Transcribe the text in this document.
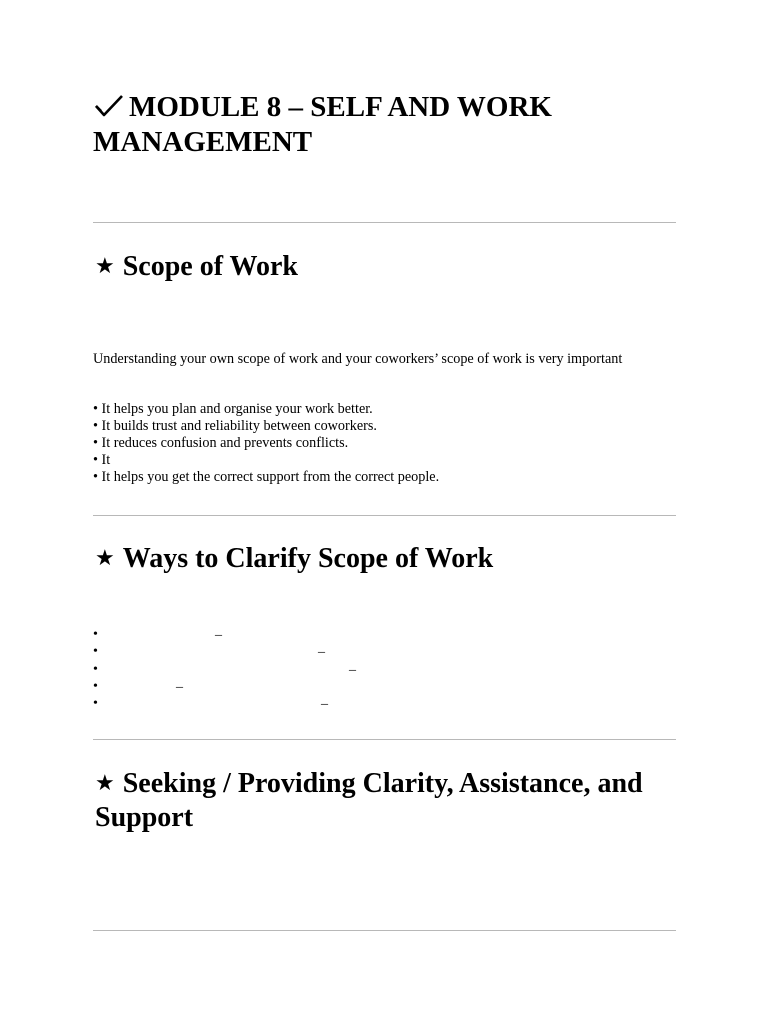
MODULE 8 – SELF AND WORK MANAGEMENT
★ Scope of Work

Understanding your own scope of work and your coworkers’ scope of work is very important

• It helps you plan and organise your work better.
• It builds trust and reliability between coworkers.
• It reduces confusion and prevents conflicts.
• It
• It helps you get the correct support from the correct people.
★ Ways to Clarify Scope of Work
•	_
•	_
•	_
•	_
•	_
★ Seeking / Providing Clarity, Assistance, and Support
